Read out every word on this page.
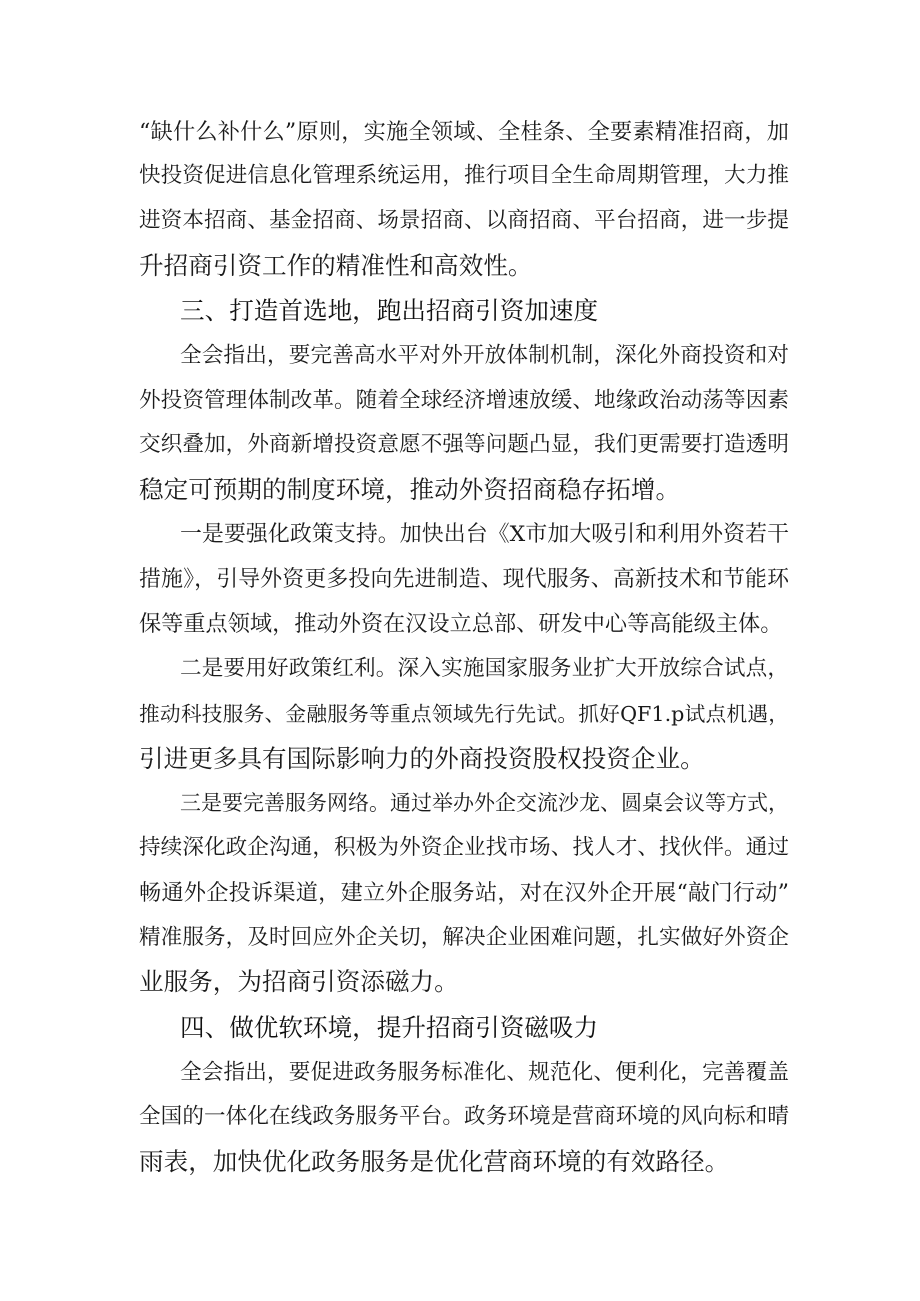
“缺什么补什么”原则，实施全领域、全桂条、全要素精准招商，加
快投资促进信息化管理系统运用，推行项目全生命周期管理，大力推
进资本招商、基金招商、场景招商、以商招商、平台招商，进一步提
升招商引资工作的精准性和高效性。
三、打造首选地，跑出招商引资加速度
全会指出，要完善高水平对外开放体制机制，深化外商投资和对
外投资管理体制改革。随着全球经济增速放缓、地缘政治动荡等因素
交织叠加，外商新增投资意愿不强等问题凸显，我们更需要打造透明
稳定可预期的制度环境，推动外资招商稳存拓增。
一是要强化政策支持。加快出台《X市加大吸引和利用外资若干
措施》，引导外资更多投向先进制造、现代服务、高新技术和节能环
保等重点领域，推动外资在汉设立总部、研发中心等高能级主体。
二是要用好政策红利。深入实施国家服务业扩大开放综合试点，
推动科技服务、金融服务等重点领域先行先试。抓好QF1.p试点机遇，
引进更多具有国际影响力的外商投资股权投资企业。
三是要完善服务网络。通过举办外企交流沙龙、圆桌会议等方式，
持续深化政企沟通，积极为外资企业找市场、找人才、找伙伴。通过
畅通外企投诉渠道，建立外企服务站，对在汉外企开展“敲门行动”
精准服务，及时回应外企关切，解决企业困难问题，扎实做好外资企
业服务，为招商引资添磁力。
四、做优软环境，提升招商引资磁吸力
全会指出，要促进政务服务标准化、规范化、便利化，完善覆盖
全国的一体化在线政务服务平台。政务环境是营商环境的风向标和晴
雨表，加快优化政务服务是优化营商环境的有效路径。
